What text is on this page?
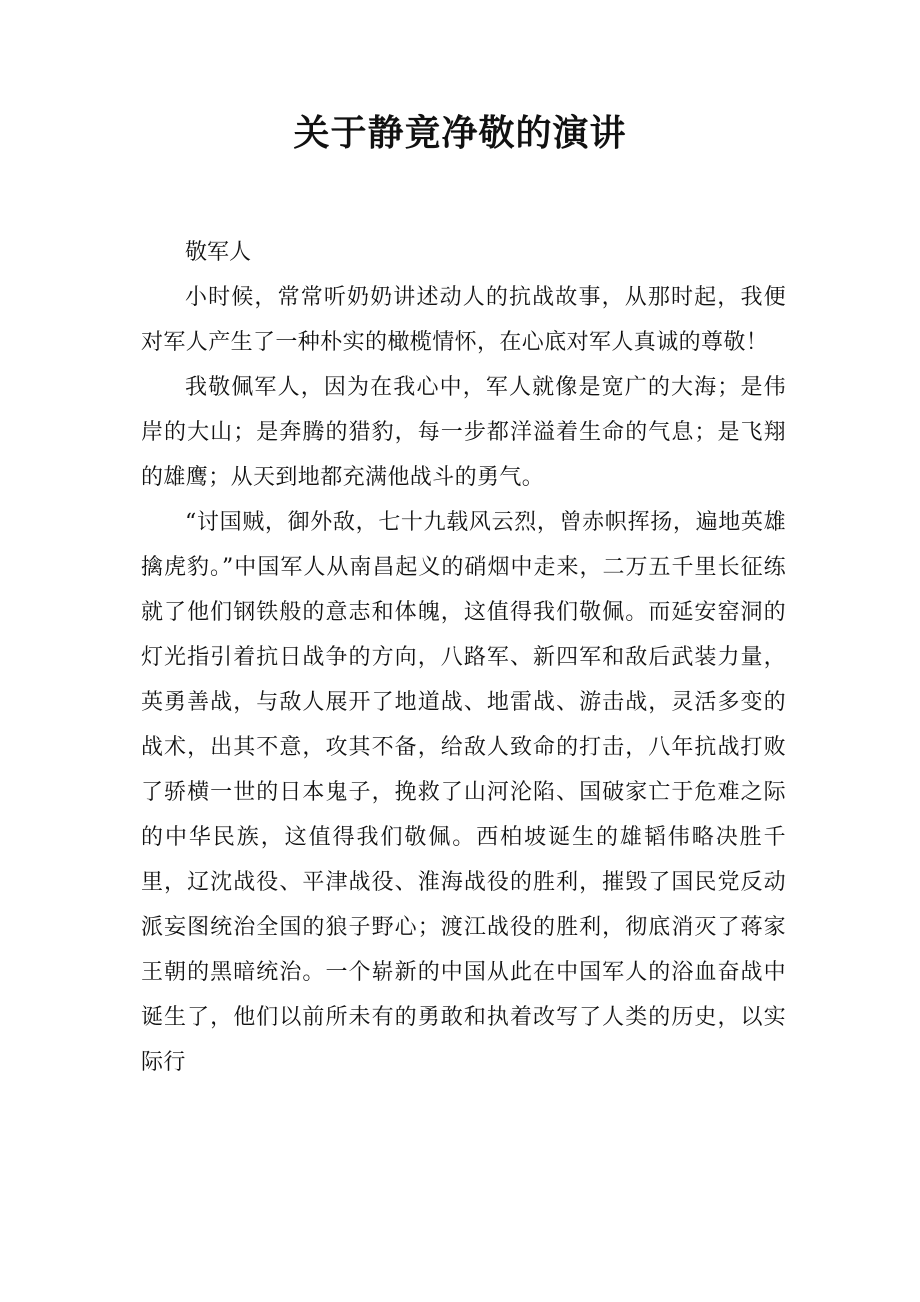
关于静竟净敬的演讲

敬军人

小时候，常常听奶奶讲述动人的抗战故事，从那时起，我便对军人产生了一种朴实的橄榄情怀，在心底对军人真诚的尊敬！

我敬佩军人，因为在我心中，军人就像是宽广的大海；是伟岸的大山；是奔腾的猎豹，每一步都洋溢着生命的气息；是飞翔的雄鹰；从天到地都充满他战斗的勇气。

“讨国贼，御外敌，七十九载风云烈，曾赤帜挥扬，遍地英雄擒虎豹。”中国军人从南昌起义的硝烟中走来，二万五千里长征练就了他们钢铁般的意志和体魄，这值得我们敬佩。而延安窑洞的灯光指引着抗日战争的方向，八路军、新四军和敌后武装力量，英勇善战，与敌人展开了地道战、地雷战、游击战，灵活多变的战术，出其不意，攻其不备，给敌人致命的打击，八年抗战打败了骄横一世的日本鬼子，挽救了山河沦陷、国破家亡于危难之际的中华民族，这值得我们敬佩。西柏坡诞生的雄韬伟略决胜千里，辽沈战役、平津战役、淮海战役的胜利，摧毁了国民党反动派妄图统治全国的狼子野心；渡江战役的胜利，彻底消灭了蒋家王朝的黑暗统治。一个崭新的中国从此在中国军人的浴血奋战中诞生了，他们以前所未有的勇敢和执着改写了人类的历史，以实际行
